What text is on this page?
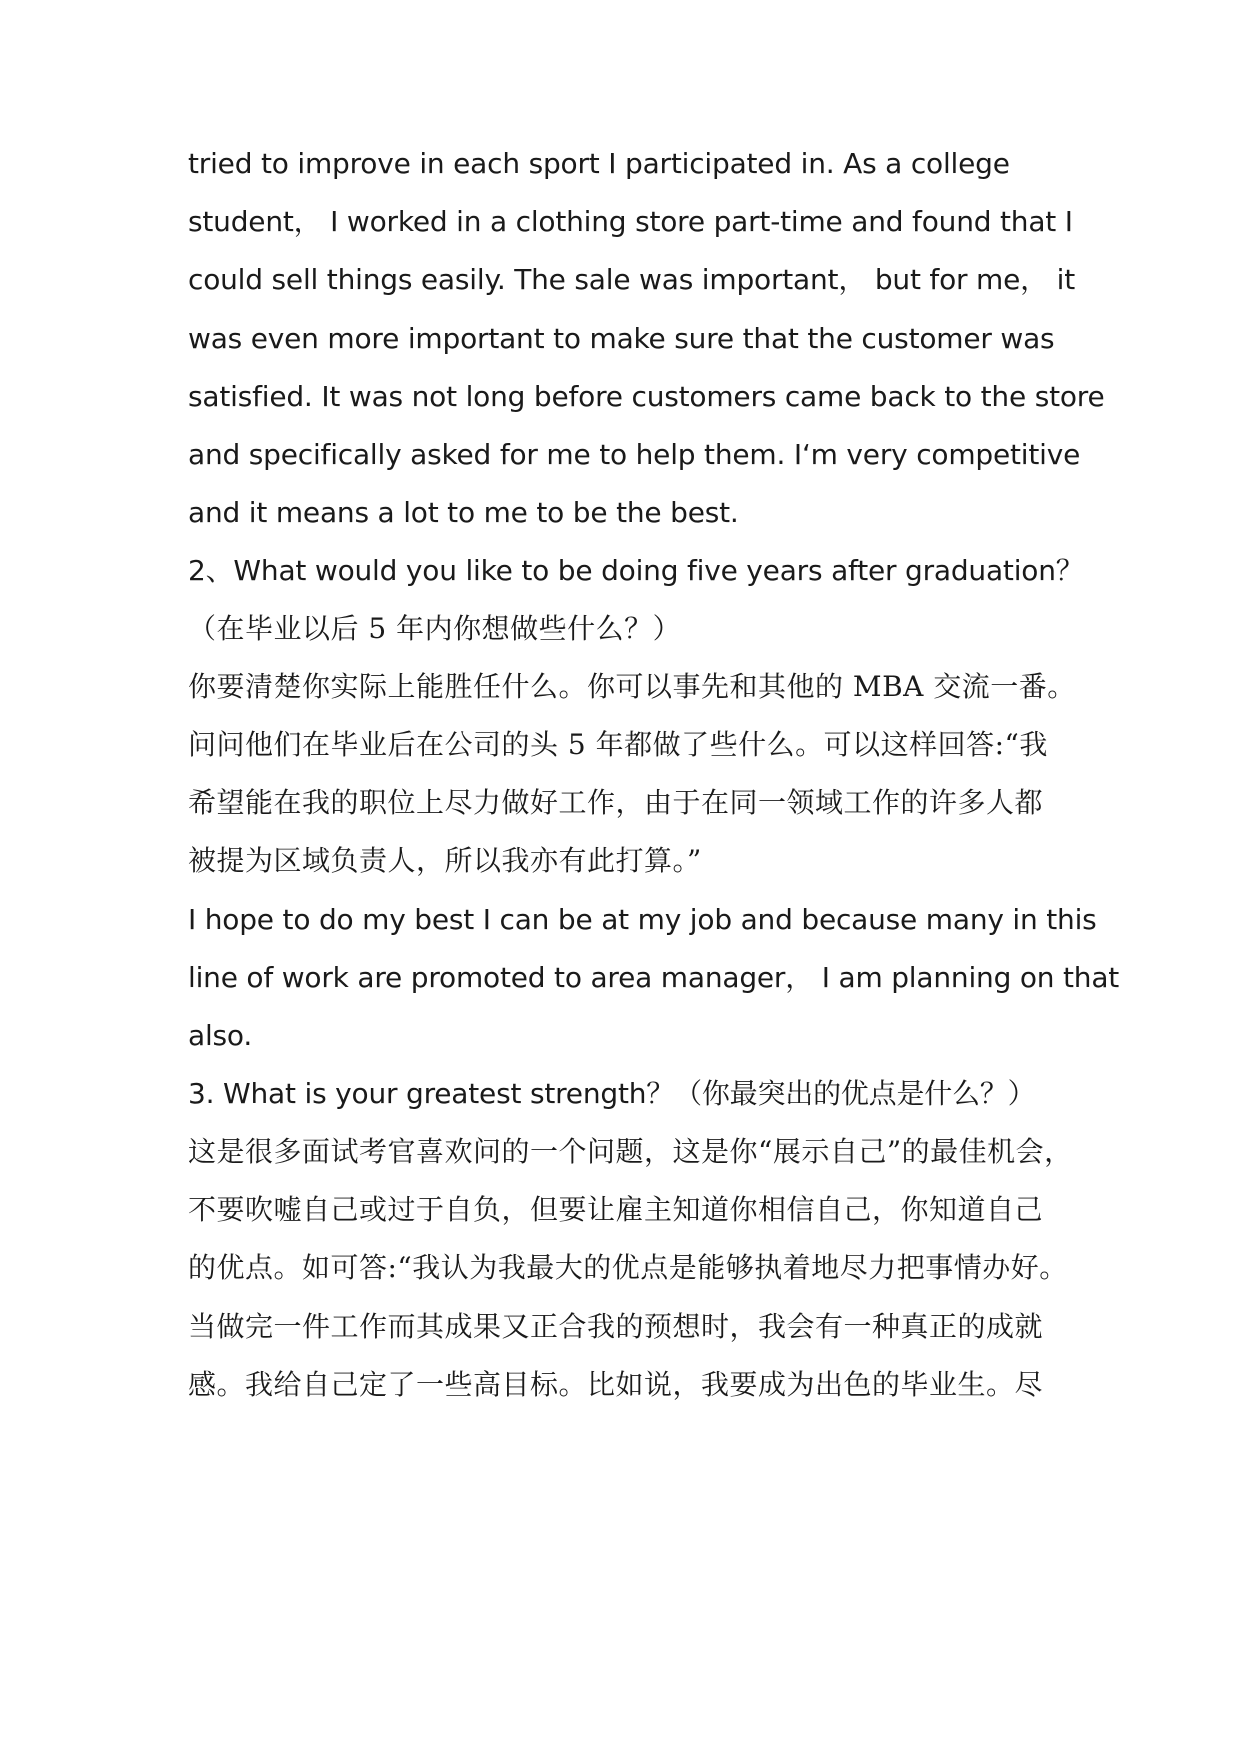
tried to improve in each sport I participated in. As a college
student， I worked in a clothing store part-time and found that I
could sell things easily. The sale was important， but for me， it
was even more important to make sure that the customer was
satisfied. It was not long before customers came back to the store
and specifically asked for me to help them. I‘m very competitive
and it means a lot to me to be the best.
2、What would you like to be doing five years after graduation？
（在毕业以后 5 年内你想做些什么？）
你要清楚你实际上能胜任什么。你可以事先和其他的 MBA 交流一番。
问问他们在毕业后在公司的头 5 年都做了些什么。可以这样回答:“我
希望能在我的职位上尽力做好工作，由于在同一领域工作的许多人都
被提为区域负责人，所以我亦有此打算。”
I hope to do my best I can be at my job and because many in this
line of work are promoted to area manager， I am planning on that
also.
3. What is your greatest strength？（你最突出的优点是什么？）
这是很多面试考官喜欢问的一个问题，这是你“展示自己”的最佳机会，
不要吹嘘自己或过于自负，但要让雇主知道你相信自己，你知道自己
的优点。如可答:“我认为我最大的优点是能够执着地尽力把事情办好。
当做完一件工作而其成果又正合我的预想时，我会有一种真正的成就
感。我给自己定了一些高目标。比如说，我要成为出色的毕业生。尽
